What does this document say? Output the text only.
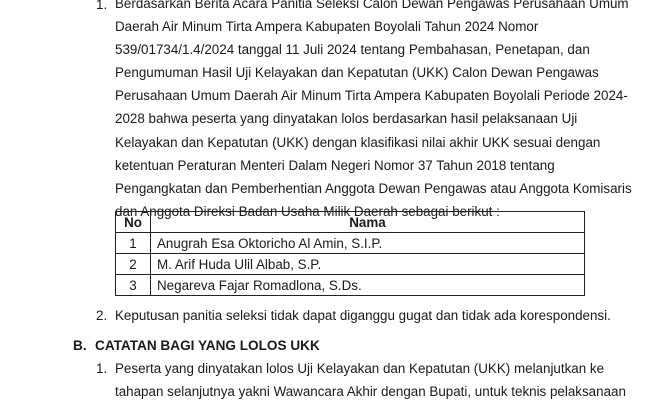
1. Berdasarkan Berita Acara Panitia Seleksi Calon Dewan Pengawas Perusahaan Umum
Daerah Air Minum Tirta Ampera Kabupaten Boyolali Tahun 2024 Nomor
539/01734/1.4/2024 tanggal 11 Juli 2024 tentang Pembahasan, Penetapan, dan
Pengumuman Hasil Uji Kelayakan dan Kepatutan (UKK) Calon Dewan Pengawas
Perusahaan Umum Daerah Air Minum Tirta Ampera Kabupaten Boyolali Periode 2024-
2028 bahwa peserta yang dinyatakan lolos berdasarkan hasil pelaksanaan Uji
Kelayakan dan Kepatutan (UKK) dengan klasifikasi nilai akhir UKK sesuai dengan
ketentuan Peraturan Menteri Dalam Negeri Nomor 37 Tahun 2018 tentang
Pengangkatan dan Pemberhentian Anggota Dewan Pengawas atau Anggota Komisaris
dan Anggota Direksi Badan Usaha Milik Daerah sebagai berikut :
No	Nama
1	Anugrah Esa Oktoricho Al Amin, S.I.P.
2	M. Arif Huda Ulil Albab, S.P.
3	Negareva Fajar Romadlona, S.Ds.
2. Keputusan panitia seleksi tidak dapat diganggu gugat dan tidak ada korespondensi.
B. CATATAN BAGI YANG LOLOS UKK
1. Peserta yang dinyatakan lolos Uji Kelayakan dan Kepatutan (UKK) melanjutkan ke
tahapan selanjutnya yakni Wawancara Akhir dengan Bupati, untuk teknis pelaksanaan
